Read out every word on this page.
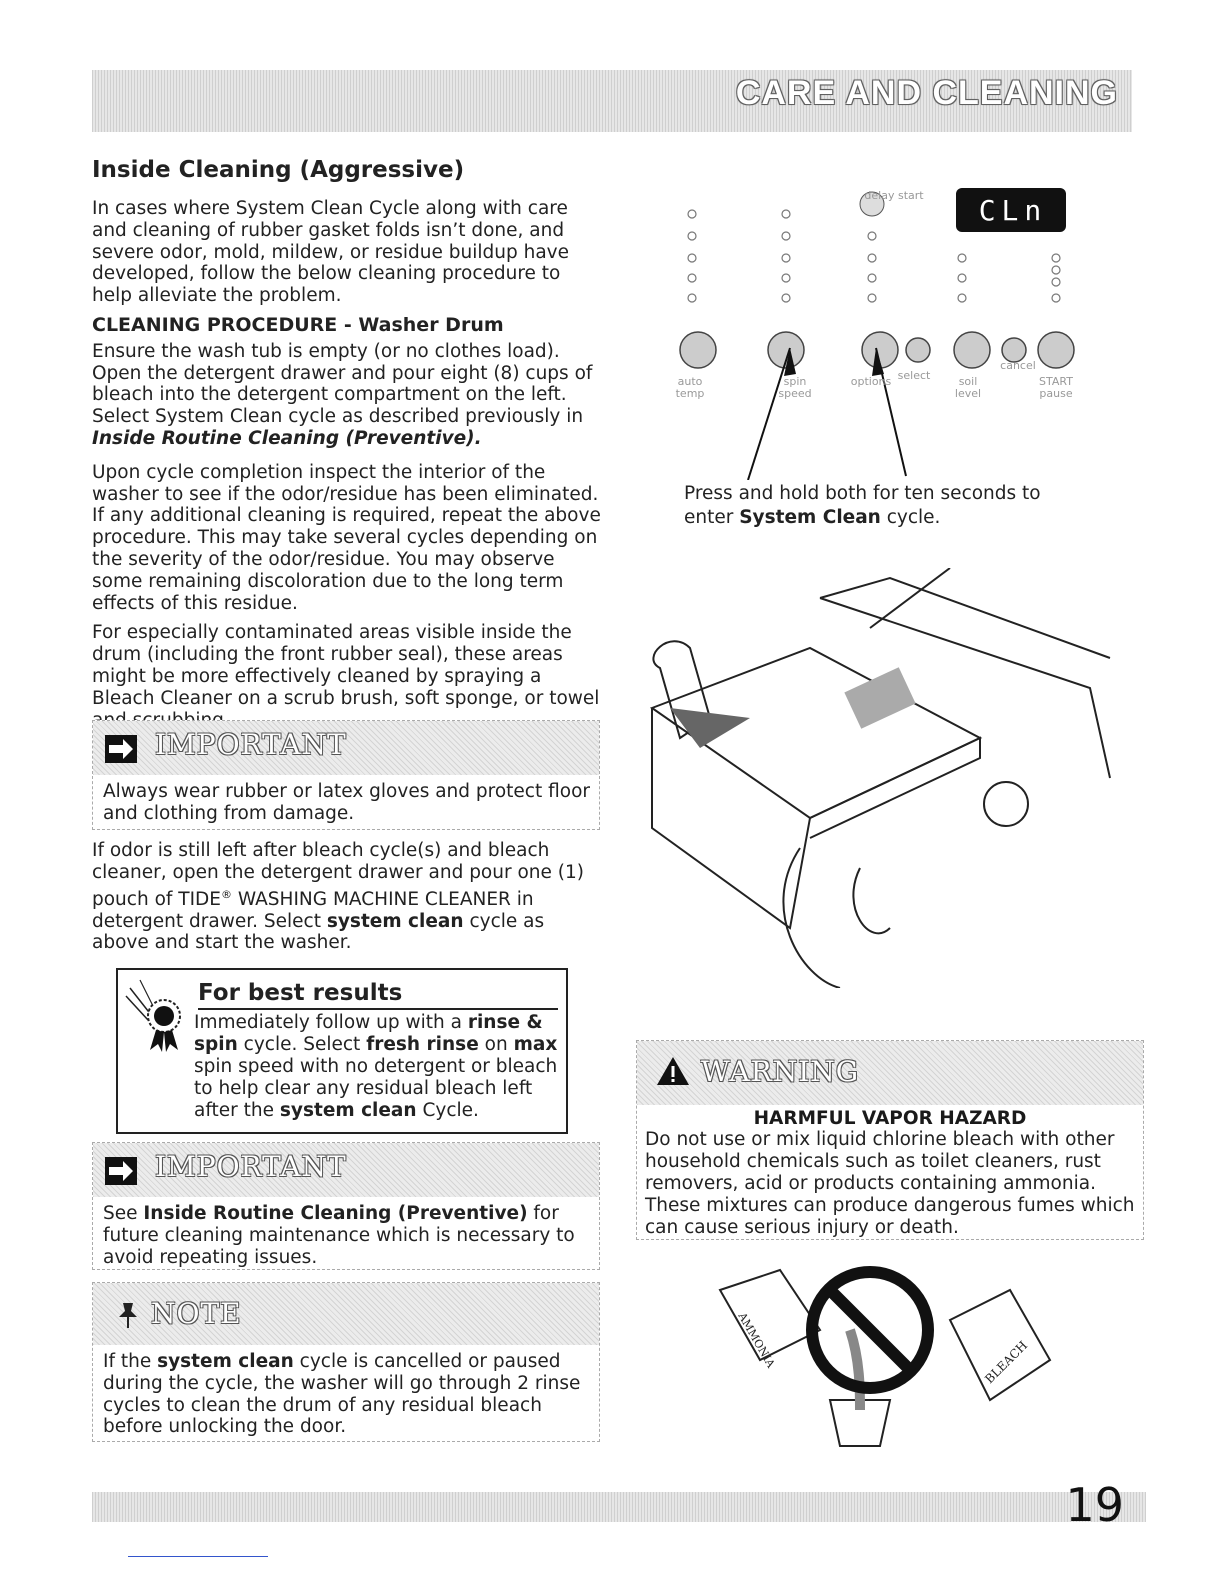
CARE AND CLEANING
Inside Cleaning (Aggressive)

In cases where System Clean Cycle along with care and cleaning of rubber gasket folds isn’t done, and severe odor, mold, mildew, or residue buildup have developed, follow the below cleaning procedure to help alleviate the problem.

CLEANING PROCEDURE - Washer Drum

Ensure the wash tub is empty (or no clothes load). Open the detergent drawer and pour eight (8) cups of bleach into the detergent compartment on the left. Select System Clean cycle as described previously in Inside Routine Cleaning (Preventive).

Upon cycle completion inspect the interior of the washer to see if the odor/residue has been eliminated. If any additional cleaning is required, repeat the above procedure. This may take several cycles depending on the severity of the odor/residue. You may observe some remaining discoloration due to the long term effects of this residue.

For especially contaminated areas visible inside the drum (including the front rubber seal), these areas might be more effectively cleaned by spraying a Bleach Cleaner on a scrub brush, soft sponge, or towel

IMPORTANT
Always wear rubber or latex gloves and protect floor and clothing from damage.
If odor is still left after bleach cycle(s) and bleach cleaner, open the detergent drawer and pour one (1) pouch of TIDE® WASHING MACHINE CLEANER in detergent drawer. Select system clean cycle as above and start the washer.
For best results
Immediately follow up with a rinse & spin cycle. Select fresh rinse on max spin speed with no detergent or bleach to help clear any residual bleach left after the system clean Cycle.
IMPORTANT
See Inside Routine Cleaning (Preventive) for future cleaning maintenance which is necessary to avoid repeating issues.
NOTE
If the system clean cycle is cancelled or paused during the cycle, the washer will go through 2 rinse cycles to clean the drum of any residual bleach before unlocking the door.
CLn
delay start
select
cancel
auto temp
spin speed
options	soil level
START pause
Press and hold both for ten seconds to enter System Clean cycle.
WARNING
HARMFUL VAPOR HAZARD
Do not use or mix liquid chlorine bleach with other household chemicals such as toilet cleaners, rust removers, acid or products containing ammonia. These mixtures can produce dangerous fumes which can cause serious injury or death.
AMMONIA	BLEACH
19
